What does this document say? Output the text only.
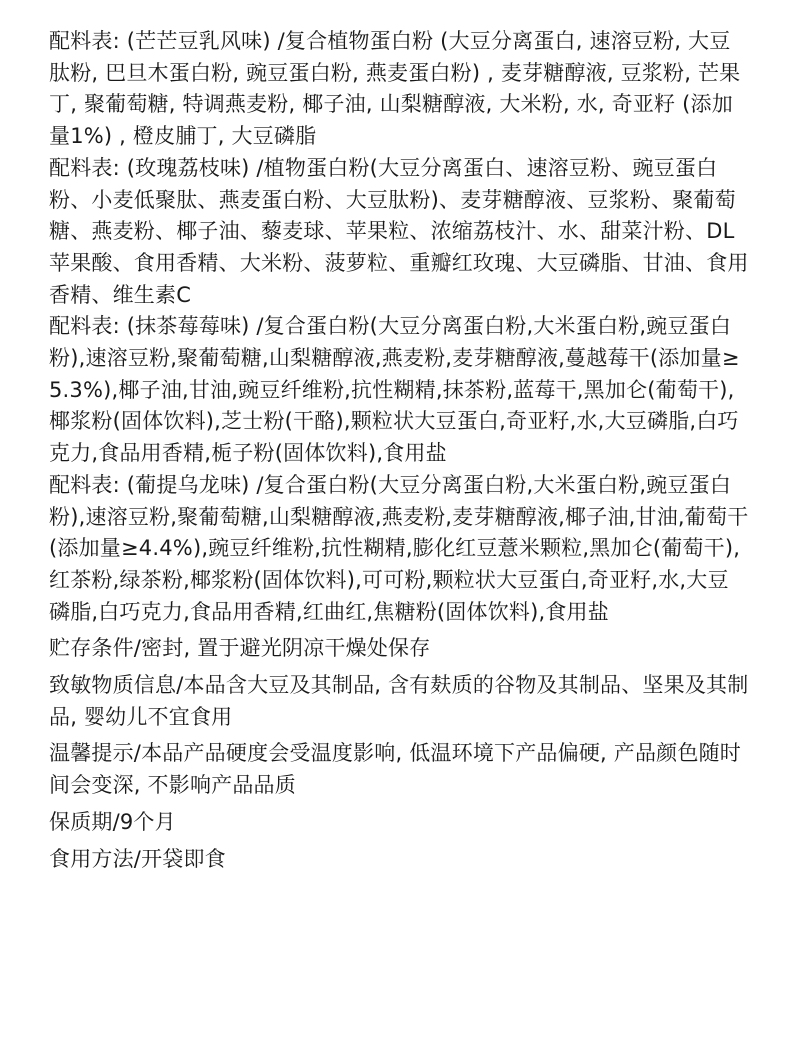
配料表: (芒芒豆乳风味) /复合植物蛋白粉 (大豆分离蛋白, 速溶豆粉, 大豆肽粉, 巴旦木蛋白粉, 豌豆蛋白粉, 燕麦蛋白粉) , 麦芽糖醇液, 豆浆粉, 芒果丁, 聚葡萄糖, 特调燕麦粉, 椰子油, 山梨糖醇液, 大米粉, 水, 奇亚籽 (添加量1%) , 橙皮脯丁, 大豆磷脂

配料表: (玫瑰荔枝味) /植物蛋白粉(大豆分离蛋白、速溶豆粉、豌豆蛋白粉、小麦低聚肽、燕麦蛋白粉、大豆肽粉)、麦芽糖醇液、豆浆粉、聚葡萄糖、燕麦粉、椰子油、藜麦球、苹果粒、浓缩荔枝汁、水、甜菜汁粉、DL苹果酸、食用香精、大米粉、菠萝粒、重瓣红玫瑰、大豆磷脂、甘油、食用香精、维生素C

配料表: (抹茶莓莓味) /复合蛋白粉(大豆分离蛋白粉,大米蛋白粉,豌豆蛋白粉),速溶豆粉,聚葡萄糖,山梨糖醇液,燕麦粉,麦芽糖醇液,蔓越莓干(添加量≥5.3%),椰子油,甘油,豌豆纤维粉,抗性糊精,抹茶粉,蓝莓干,黑加仑(葡萄干),椰浆粉(固体饮料),芝士粉(干酪),颗粒状大豆蛋白,奇亚籽,水,大豆磷脂,白巧克力,食品用香精,栀子粉(固体饮料),食用盐

配料表: (葡提乌龙味) /复合蛋白粉(大豆分离蛋白粉,大米蛋白粉,豌豆蛋白粉),速溶豆粉,聚葡萄糖,山梨糖醇液,燕麦粉,麦芽糖醇液,椰子油,甘油,葡萄干(添加量≥4.4%),豌豆纤维粉,抗性糊精,膨化红豆薏米颗粒,黑加仑(葡萄干),红茶粉,绿茶粉,椰浆粉(固体饮料),可可粉,颗粒状大豆蛋白,奇亚籽,水,大豆磷脂,白巧克力,食品用香精,红曲红,焦糖粉(固体饮料),食用盐

贮存条件/密封, 置于避光阴凉干燥处保存

致敏物质信息/本品含大豆及其制品, 含有麸质的谷物及其制品、坚果及其制品, 婴幼儿不宜食用

温馨提示/本品产品硬度会受温度影响, 低温环境下产品偏硬, 产品颜色随时间会变深, 不影响产品品质

保质期/9个月

食用方法/开袋即食
